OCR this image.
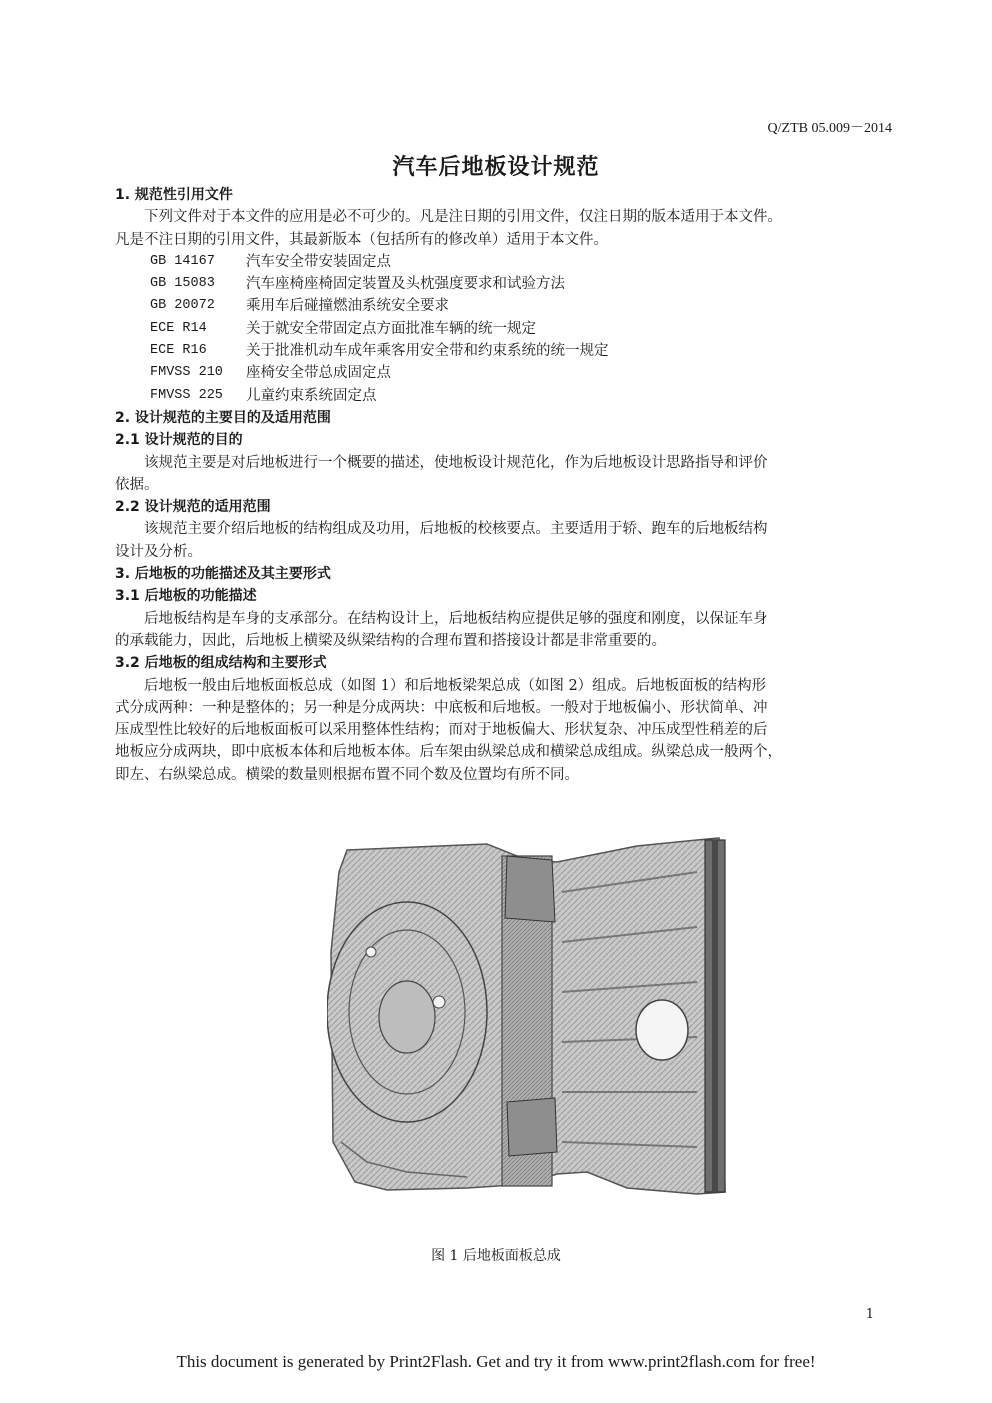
Q/ZTB 05.009－2014
汽车后地板设计规范
1. 规范性引用文件
下列文件对于本文件的应用是必不可少的。凡是注日期的引用文件，仅注日期的版本适用于本文件。
凡是不注日期的引用文件，其最新版本（包括所有的修改单）适用于本文件。
GB 14167	汽车安全带安装固定点
GB 15083	汽车座椅座椅固定装置及头枕强度要求和试验方法
GB 20072	乘用车后碰撞燃油系统安全要求
ECE R14	关于就安全带固定点方面批准车辆的统一规定
ECE R16	关于批准机动车成年乘客用安全带和约束系统的统一规定
FMVSS 210	座椅安全带总成固定点
FMVSS 225	儿童约束系统固定点
2. 设计规范的主要目的及适用范围
2.1 设计规范的目的
该规范主要是对后地板进行一个概要的描述，使地板设计规范化，作为后地板设计思路指导和评价
依据。
2.2 设计规范的适用范围
该规范主要介绍后地板的结构组成及功用，后地板的校核要点。主要适用于轿、跑车的后地板结构
设计及分析。
3. 后地板的功能描述及其主要形式
3.1 后地板的功能描述
后地板结构是车身的支承部分。在结构设计上，后地板结构应提供足够的强度和刚度，以保证车身
的承载能力，因此，后地板上横梁及纵梁结构的合理布置和搭接设计都是非常重要的。
3.2 后地板的组成结构和主要形式
后地板一般由后地板面板总成（如图 1）和后地板梁架总成（如图 2）组成。后地板面板的结构形
式分成两种：一种是整体的；另一种是分成两块：中底板和后地板。一般对于地板偏小、形状简单、冲
压成型性比较好的后地板面板可以采用整体性结构；而对于地板偏大、形状复杂、冲压成型性稍差的后
地板应分成两块，即中底板本体和后地板本体。后车架由纵梁总成和横梁总成组成。纵梁总成一般两个，
即左、右纵梁总成。横梁的数量则根据布置不同个数及位置均有所不同。
图 1 后地板面板总成
1
This document is generated by Print2Flash. Get and try it from www.print2flash.com for free!
